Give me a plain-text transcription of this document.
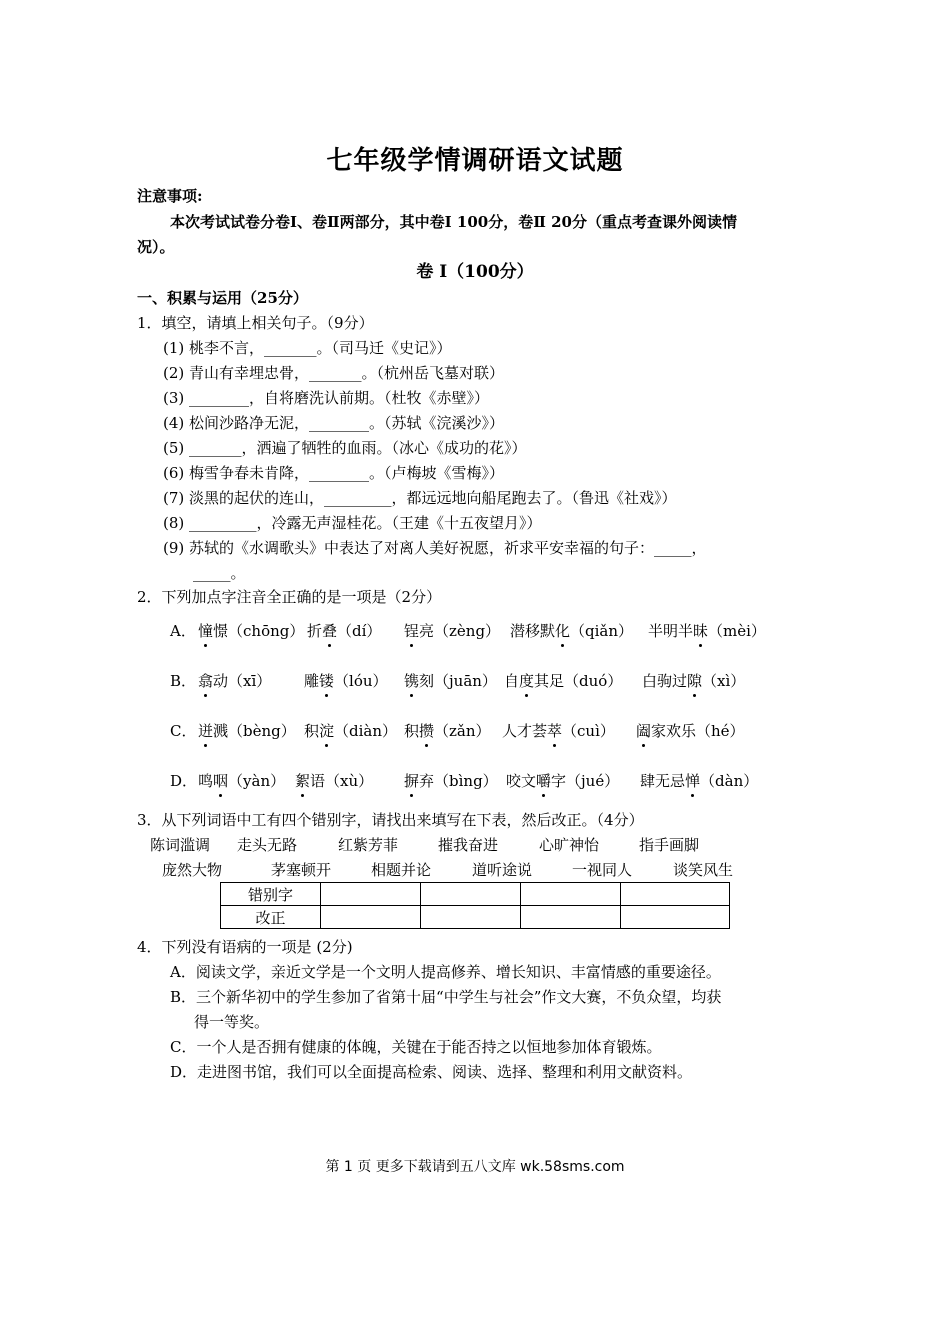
七年级学情调研语文试题
注意事项:
本次考试试卷分卷Ⅰ、卷Ⅱ两部分，其中卷Ⅰ 100分，卷Ⅱ 20分（重点考查课外阅读情
况）。
卷 Ⅰ（100分）
一、积累与运用（25分）
1．填空，请填上相关句子。（9分）
(1) 桃李不言，_______。（司马迁《史记》）
(2) 青山有幸埋忠骨，_______。（杭州岳飞墓对联）
(3) ________，自将磨洗认前期。（杜牧《赤壁》）
(4) 松间沙路净无泥，________。（苏轼《浣溪沙》）
(5) _______，洒遍了牺牲的血雨。（冰心《成功的花》）
(6) 梅雪争春未肯降，________。（卢梅坡《雪梅》）
(7) 淡黑的起伏的连山，_________，都远远地向船尾跑去了。（鲁迅《社戏》）
(8) _________，冷露无声湿桂花。（王建《十五夜望月》）
(9) 苏轼的《水调歌头》中表达了对离人美好祝愿，祈求平安幸福的句子：_____，
_____。
2．下列加点字注音全正确的是一项是（2分）
A． 憧憬（chōng） 折叠（dí） 锃亮（zèng） 潜移默化（qiǎn） 半明半昧（mèi）
B． 翕动（xī） 雕镂（lóu） 镌刻（juān） 自度其足（duó） 白驹过隙（xì）
C． 迸溅（bèng） 积淀（diàn） 积攒（zǎn） 人才荟萃（cuì） 阖家欢乐（hé）
D． 鸣咽（yàn） 絮语（xù） 摒弃（bìng） 咬文嚼字（jué） 肆无忌惮（dàn）
3．从下列词语中工有四个错别字，请找出来填写在下表，然后改正。（4分）
陈词滥调 走头无路	红紫芳菲	摧我奋进	心旷神怡	指手画脚
庞然大物	茅塞顿开	相题并论	道听途说	一视同人	谈笑风生
错别字				
改正				
4．下列没有语病的一项是 (2分)
A．阅读文学，亲近文学是一个文明人提高修养、增长知识、丰富情感的重要途径。
B．三个新华初中的学生参加了省第十届“中学生与社会”作文大赛，不负众望，均获
得一等奖。
C．一个人是否拥有健康的体魄，关键在于能否持之以恒地参加体育锻炼。
D．走进图书馆，我们可以全面提高检索、阅读、选择、整理和利用文献资料。
第 1 页 更多下载请到五八文库 wk.58sms.com
